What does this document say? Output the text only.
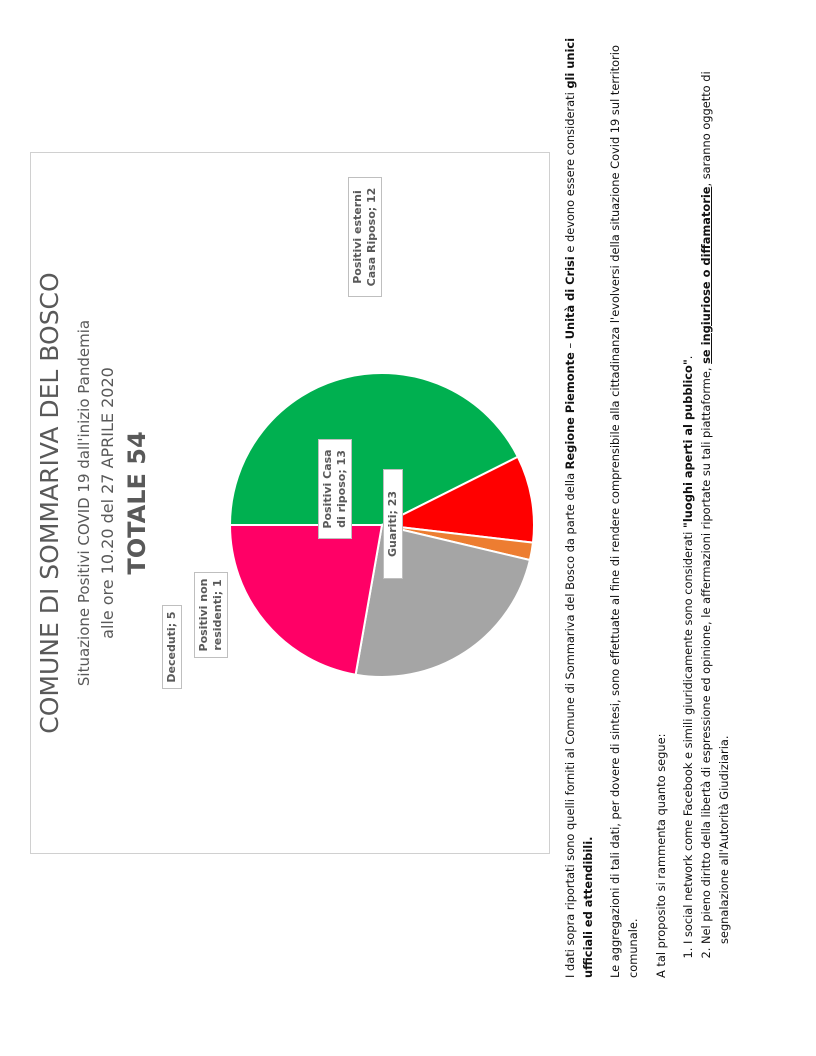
COMUNE DI SOMMARIVA DEL BOSCO Situazione Positivi COVID 19 dall'inizio Pandemia alle ore 10.20 del 27 APRILE 2020 TOTALE 54	Guariti; 23
Deceduti; 5	Positivi non residenti; 1
Positivi Casa di riposo; 13
Positivi esterni Casa Riposo; 12

I dati sopra riportati sono quelli forniti al Comune di Sommariva del Bosco da parte della Regione Piemonte – Unità di Crisi e devono essere considerati gli unici ufficiali ed attendibili. Le aggregazioni di tali dati, per dovere di sintesi, sono effettuate al fine di rendere comprensibile alla cittadinanza l'evolversi della situazione Covid 19 sul territorio comunale. A tal proposito si rammenta quanto segue:

1. I social network come Facebook e simili giuridicamente sono considerati "luoghi aperti al pubblico".
2. Nel pieno diritto della libertà di espressione ed opinione, le affermazioni riportate su tali piattaforme, se ingiuriose o diffamatorie, saranno oggetto di segnalazione all'Autorità Giudiziaria.
